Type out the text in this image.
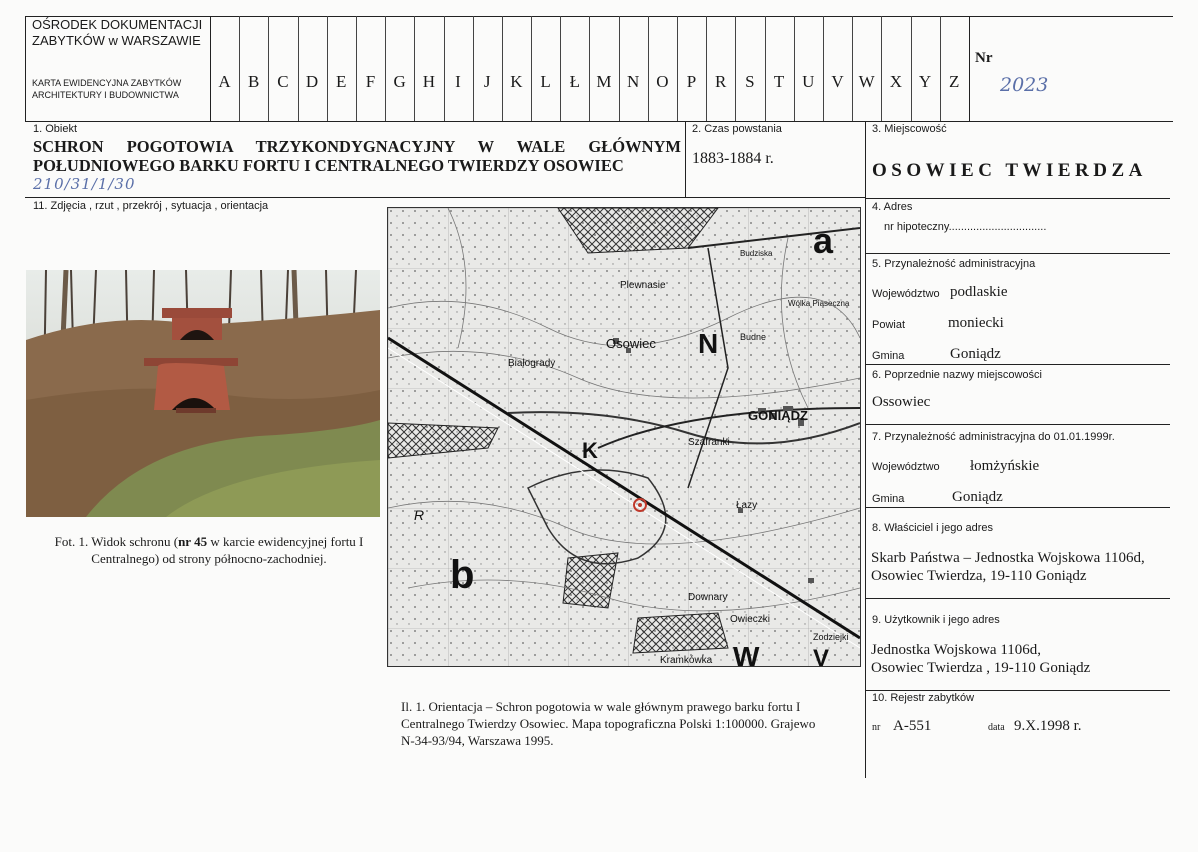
OŚRODEK DOKUMENTACJI
ZABYTKÓW w WARSZAWIE
KARTA EWIDENCYJNA ZABYTKÓW
ARCHITEKTURY I BUDOWNICTWA
A	B	C	D	E	F	G H	I	J	K	L	Ł M N O	P	R	S	T	U V W X Y	Z
Nr
2023
1. Obiekt
SCHRON POGOTOWIA TRZYKONDYGNACYJNY W WALE GŁÓWNYM
POŁUDNIOWEGO BARKU FORTU I CENTRALNEGO TWIERDZY OSOWIEC
210/31/1/30
2. Czas powstania
1883-1884 r.
3. Miejscowość
OSOWIEC TWIERDZA
4. Adres
nr hipoteczny................................
5. Przynależność administracyjna
Województwo podlaskie
Powiat	moniecki
Gmina	Goniądz
6. Poprzednie nazwy miejscowości
Ossowiec
7. Przynależność administracyjna do 01.01.1999r.
Województwo łomżyńskie
Gmina	Goniądz
8. Właściciel i jego adres
Skarb Państwa – Jednostka Wojskowa 1106d,
Osowiec Twierdza, 19-110 Goniądz
9. Użytkownik i jego adres
Jednostka Wojskowa 1106d,
Osowiec Twierdza , 19-110 Goniądz
10. Rejestr zabytków
nr A-551	data 9.X.1998 r.
11. Zdjęcia , rzut , przekrój , sytuacja , orientacja
Fot. 1. Widok schronu (nr 45 w karcie ewidencyjnej fortu I
Centralnego) od strony północno-zachodniej.
Osowiec
GONIĄDZ
Białogrady
Szafranki
Łazy
Downary
Owieczki
Kramkówka
Plewnasie
Wólka Piaseczna
Budne
Budziska
Zodziejki
a
b
K
R
N
W V
Il. 1. Orientacja – Schron pogotowia w wale głównym prawego barku fortu I
Centralnego Twierdzy Osowiec. Mapa topograficzna Polski 1:100000. Grajewo
N-34-93/94, Warszawa 1995.
